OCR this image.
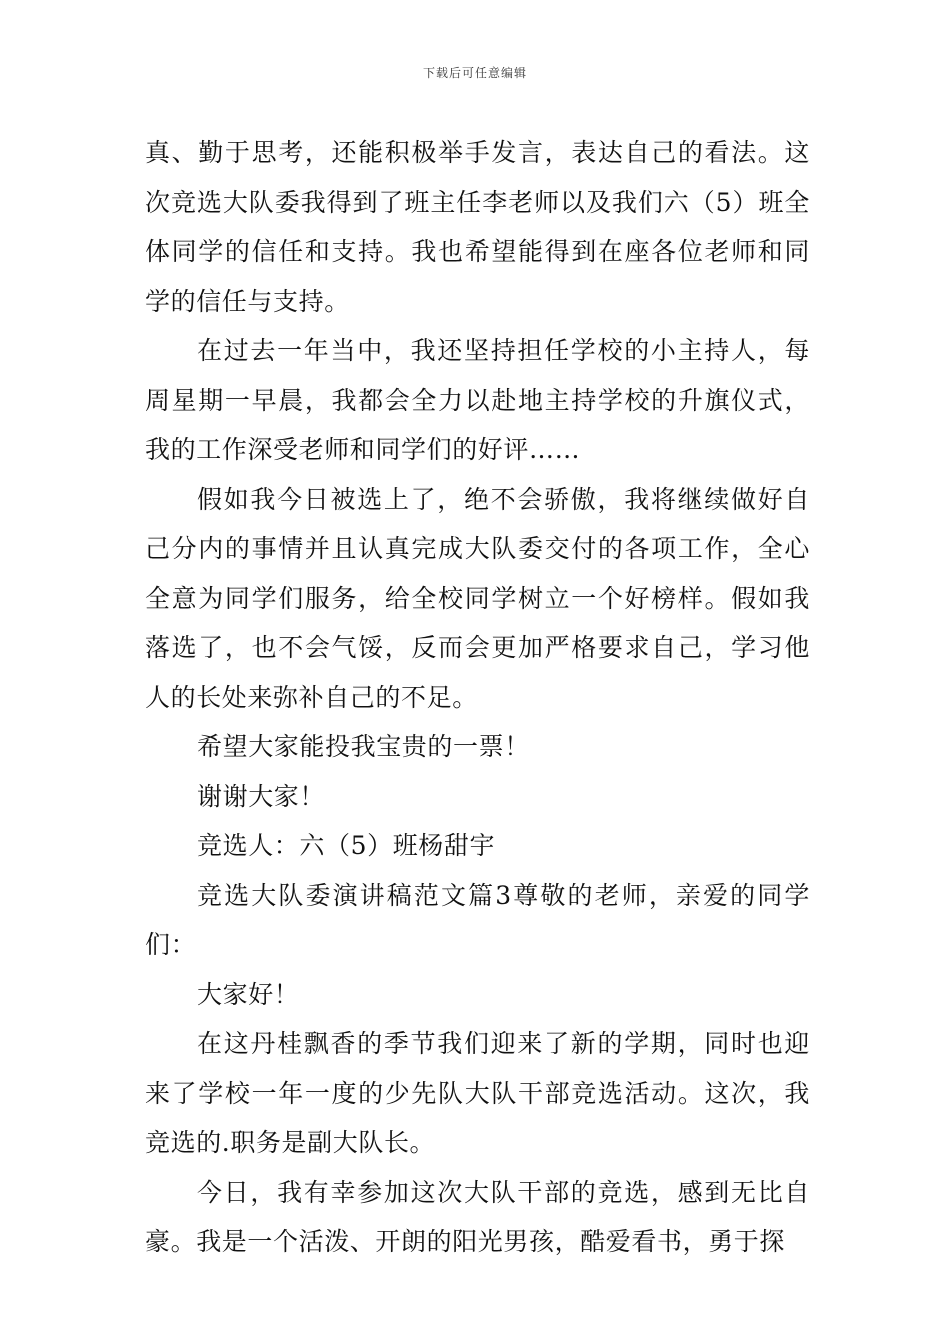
下载后可任意编辑

真、勤于思考，还能积极举手发言，表达自己的看法。这次竞选大队委我得到了班主任李老师以及我们六（5）班全体同学的信任和支持。我也希望能得到在座各位老师和同学的信任与支持。

在过去一年当中，我还坚持担任学校的小主持人，每周星期一早晨，我都会全力以赴地主持学校的升旗仪式，我的工作深受老师和同学们的好评……

假如我今日被选上了，绝不会骄傲，我将继续做好自己分内的事情并且认真完成大队委交付的各项工作，全心全意为同学们服务，给全校同学树立一个好榜样。假如我落选了，也不会气馁，反而会更加严格要求自己，学习他人的长处来弥补自己的不足。

希望大家能投我宝贵的一票！

谢谢大家！

竞选人：六（5）班杨甜宇

竞选大队委演讲稿范文篇3尊敬的老师，亲爱的同学们：

大家好！

在这丹桂飘香的季节我们迎来了新的学期，同时也迎来了学校一年一度的少先队大队干部竞选活动。这次，我竞选的.职务是副大队长。

今日，我有幸参加这次大队干部的竞选，感到无比自豪。我是一个活泼、开朗的阳光男孩，酷爱看书，勇于探
